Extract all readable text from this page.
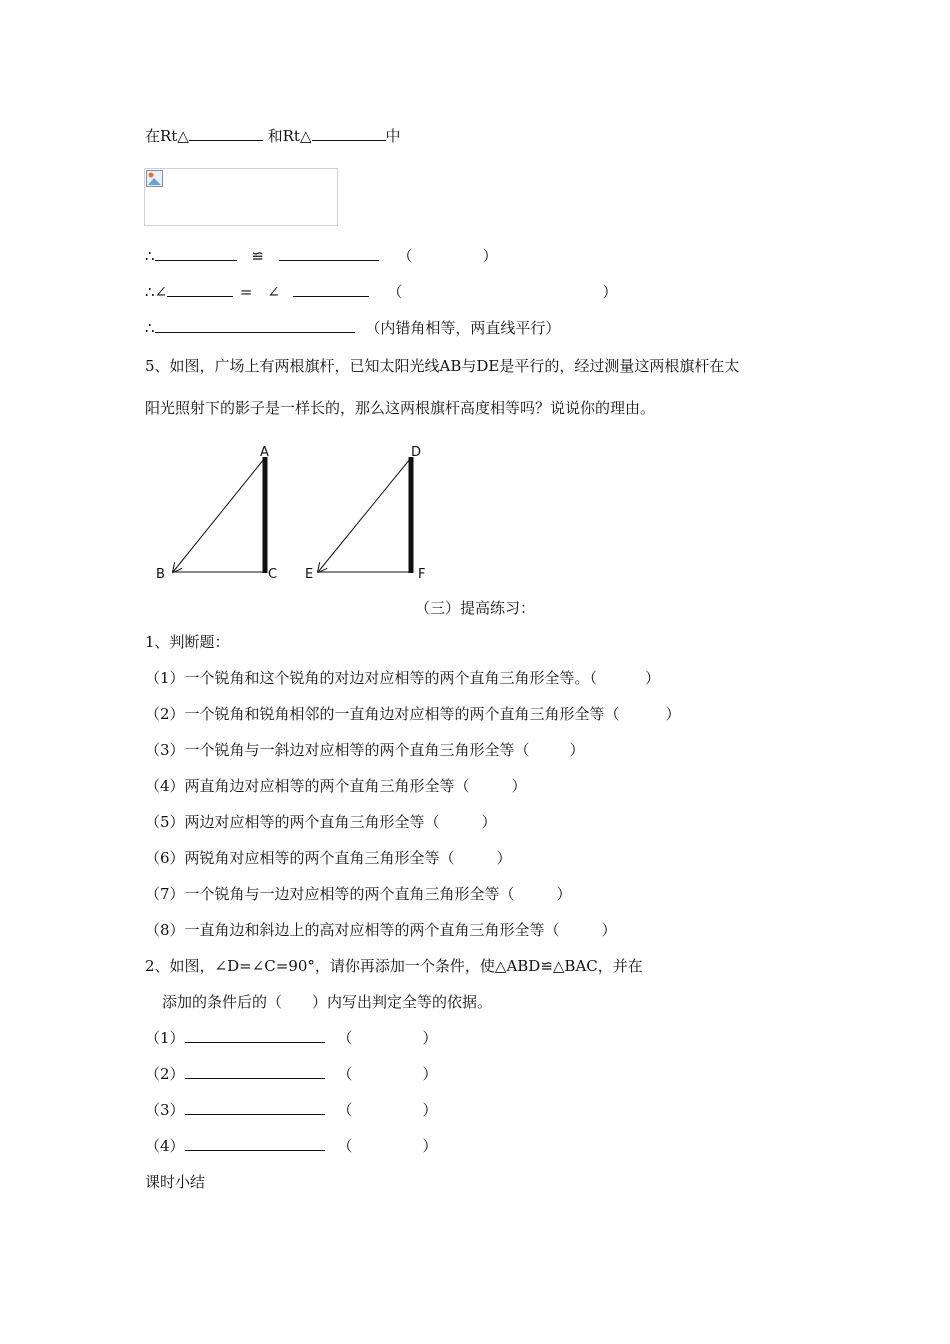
在Rt△	和Rt△	中
∴	≌	（	）
∴∠	= ∠	（	）
∴	（内错角相等，两直线平行）
5、如图，广场上有两根旗杆，已知太阳光线AB与DE是平行的，经过测量这两根旗杆在太
阳光照射下的影子是一样长的，那么这两根旗杆高度相等吗？说说你的理由。
A
B	C
D
E	F
（三）提高练习：
1、判断题：
（1）一个锐角和这个锐角的对边对应相等的两个直角三角形全等。（	）
（2）一个锐角和锐角相邻的一直角边对应相等的两个直角三角形全等（	）
（3）一个锐角与一斜边对应相等的两个直角三角形全等（	）
（4）两直角边对应相等的两个直角三角形全等（	）
（5）两边对应相等的两个直角三角形全等（	）
（6）两锐角对应相等的两个直角三角形全等（	）
（7）一个锐角与一边对应相等的两个直角三角形全等（	）
（8）一直角边和斜边上的高对应相等的两个直角三角形全等（	）
2、如图，∠D=∠C=90°，请你再添加一个条件，使△ABD≌△BAC，并在
添加的条件后的（　　）内写出判定全等的依据。
（1）	（	）
（2）	（	）
（3）	（	）
（4）	（	）
课时小结
